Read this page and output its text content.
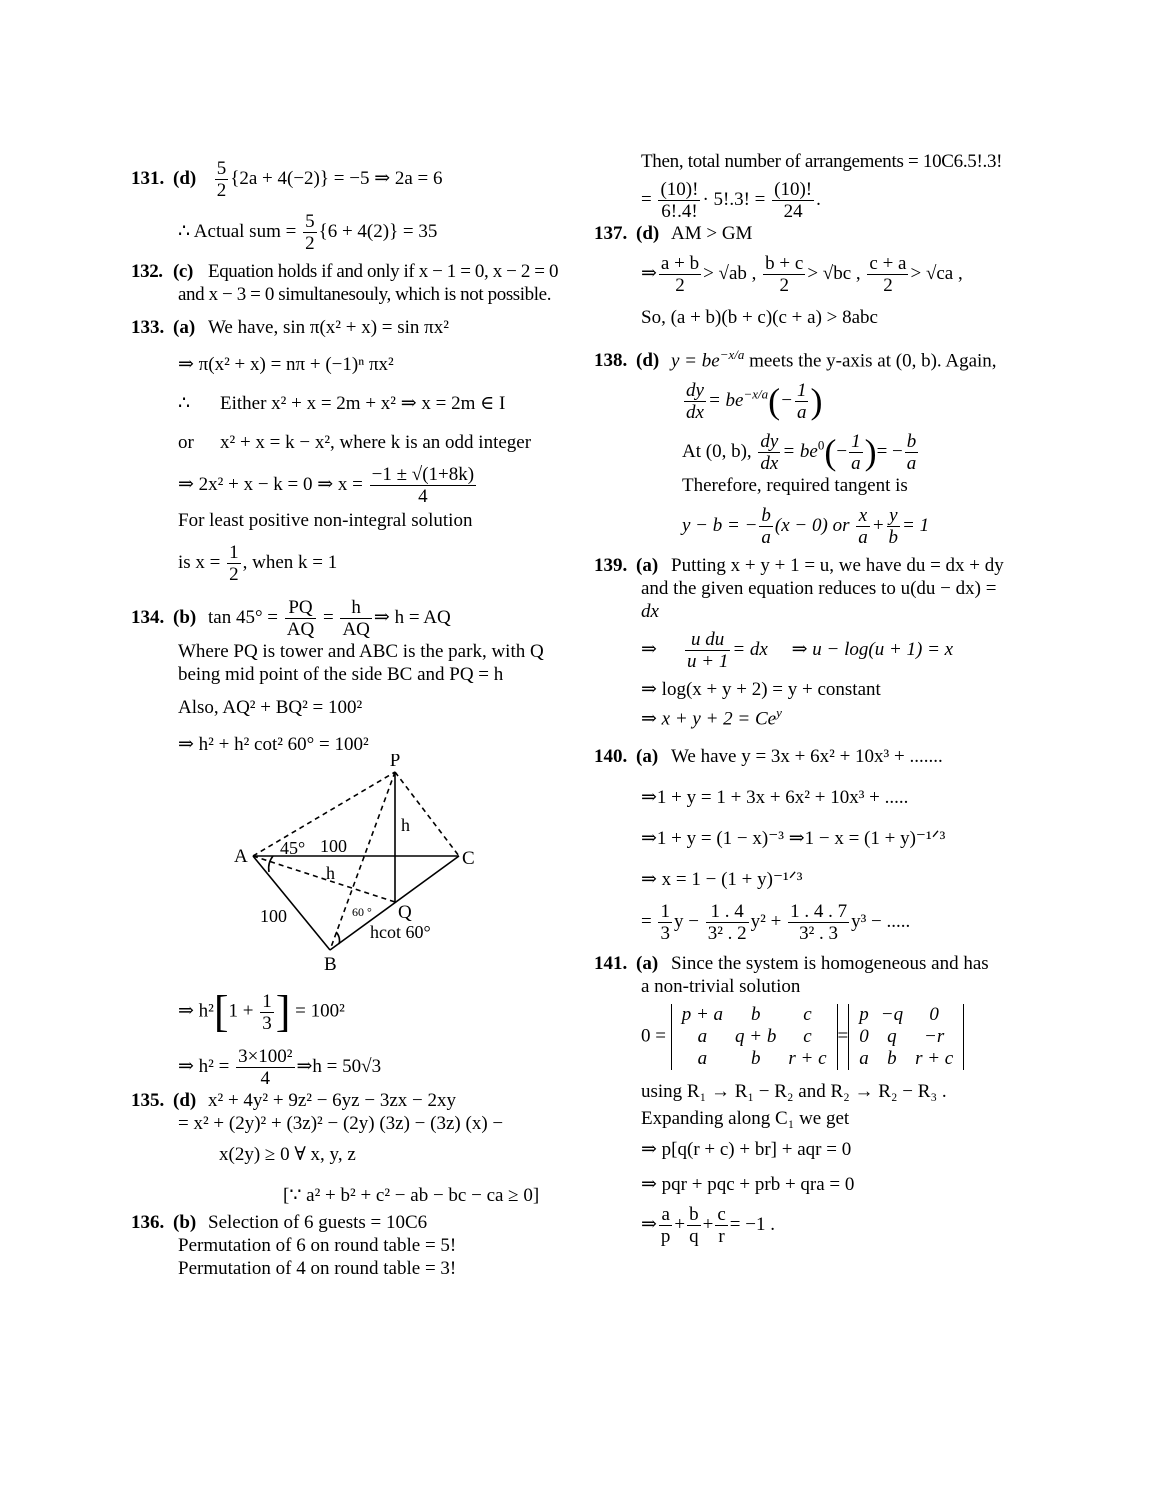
131. $(d) \frac{5}{2} \{2a + 4(-2)\} = -5$ ⇒ 2a = 6
∴ Actual sum = $\frac{5}{2} \{6 + 4(2)\} = 35$
132. (c) Equation holds if and only if x − 1 = 0, x − 2 = 0
and x − 3 = 0 simultanesouly, which is not possible.
133. (a) We have, sin π(x² + x) = sin πx²
⇒ π(x² + x) = nπ + (−1)ⁿ πx²
∴ Either x² + x = 2m + x² ⇒ x = 2m ∈ I
or x² + x = k − x², where k is an odd integer
⇒ 2x² + x − k = 0 ⇒ $x = \frac{-1 \pm √(1+8k)}{4}$
For least positive non-integral solution
is $x = \frac{1}{2}$ , when k = 1
134. (b) $\tan 45^\circ = \frac{PQ}{AQ} = \frac{h}{AQ}$ ⇒ h = AQ
Where PQ is tower and ABC is the park, with Q
being mid point of the side BC and PQ = h
Also, AQ² + BQ² = 100²
⇒ h² + h² cot² 60° = 100²
P
A	C
Q
B
h
h
45° 100
100	60 °
hcot 60°
⇒ $h^2[1 + \frac{1}{3}$ ] = 100²
⇒ $h^2 = \frac{\text{3×100²}}{4}$ ⇒h = 50√3
135. (d) x² + 4y² + 9z² − 6yz − 3zx − 2xy
= x² + (2y)² + (3z)² − (2y) (3z) − (3z) (x) −
x(2y) ≥ 0 ∀ x, y, z
[∵ a² + b² + c² − ab − bc − ca ≥ 0]
136. (b) Selection of 6 guests = 10C6
Permutation of 6 on round table = 5!
Permutation of 4 on round table = 3!
Then, total number of arrangements = 10C6.5!.3!
= $\frac{(10)!}{6!.4!} \cdot 5!.3$! = $\frac{(10)!}{24}$ .
137. (d) AM > GM
⇒ $\frac{a + b}{2} > √ab$ , $\frac{b + c}{2} > √bc$ , $\frac{c + a}{2} > √ca$ ,
So, (a + b)(b + c)(c + a) > 8abc
138. (d) $y = be^{-x/a}$ meets the y-axis at (0, b). Again,
$\frac{dy}{dx} = be^{-x/a}(- \frac{1}{a}$ )
At (0, b), $\frac{dy}{dx} = be^0(- \frac{1}{a}$ )= − $\frac{b}{a}$
Therefore, required tangent is
y − b = − $\frac{b}{a} (x - 0)$ or $\frac{x}{a} + \frac{y}{b} = 1$
139. (a) Putting x + y + 1 = u, we have du = dx + dy
and the given equation reduces to u(du − dx) =
dx
⇒ $\frac{\text{u du}}{u + 1}$ = dx ⇒ u − log(u + 1) = x
⇒ log(x + y + 2) = y + constant
⇒ $x + y + 2 = Ce^y$
140. (a) We have y = 3x + 6x² + 10x³ + .......
⇒1 + y = 1 + 3x + 6x² + 10x³ + .....
⇒1 + y = (1 − x)⁻³ ⇒1 − x = (1 + y)⁻¹ᐟ³
⇒ x = 1 − (1 + y)⁻¹ᐟ³
= $\frac{1}{3}$ $y - \frac{1 . 4}{\text{3² . 2}} y^2 + \frac{1 . 4 . 7}{\text{3² . 3}} y^3$ − .....
141. (a) Since the system is homogeneous and has
a non-trivial solution
0 =
p + a	b	c
a	q + b	c
a	b	r + c
=
p	−q	0
0	q	−r
a	b	r + c
using R₁ → R₁ − R₂ and R₂ → R₂ − R₃ .
Expanding along C₁ we get
⇒ p[q(r + c) + br] + aqr = 0
⇒ pqr + pqc + prb + qra = 0
⇒ $\frac{a}{p} + \frac{b}{q} + \frac{c}{r} = -1$ .
